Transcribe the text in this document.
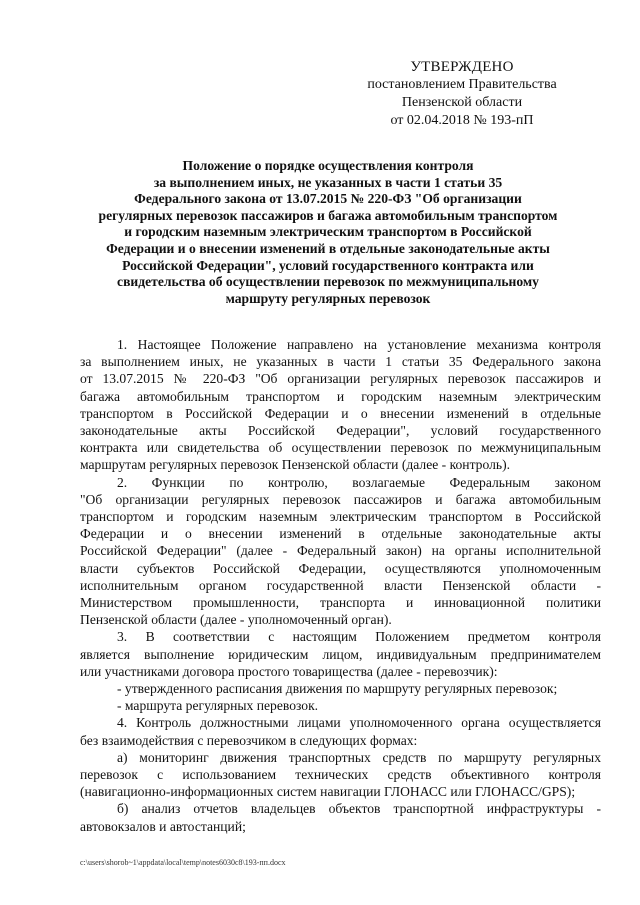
УТВЕРЖДЕНО
постановлением Правительства
Пензенской области
от 02.04.2018 № 193-пП
Положение о порядке осуществления контроля
за выполнением иных, не указанных в части 1 статьи 35
Федерального закона от 13.07.2015 № 220-ФЗ "Об организации
регулярных перевозок пассажиров и багажа автомобильным транспортом
и городским наземным электрическим транспортом в Российской
Федерации и о внесении изменений в отдельные законодательные акты
Российской Федерации", условий государственного контракта или
свидетельства об осуществлении перевозок по межмуниципальному
маршруту регулярных перевозок
1. Настоящее Положение направлено на установление механизма контроля
за выполнением иных, не указанных в части 1 статьи 35 Федерального закона
от 13.07.2015 № 220-ФЗ "Об организации регулярных перевозок пассажиров и
багажа автомобильным транспортом и городским наземным электрическим
транспортом в Российской Федерации и о внесении изменений в отдельные
законодательные акты Российской Федерации", условий государственного
контракта или свидетельства об осуществлении перевозок по межмуниципальным
маршрутам регулярных перевозок Пензенской области (далее - контроль).
2. Функции по контролю, возлагаемые Федеральным законом
"Об организации регулярных перевозок пассажиров и багажа автомобильным
транспортом и городским наземным электрическим транспортом в Российской
Федерации и о внесении изменений в отдельные законодательные акты
Российской Федерации" (далее - Федеральный закон) на органы исполнительной
власти субъектов Российской Федерации, осуществляются уполномоченным
исполнительным органом государственной власти Пензенской области -
Министерством промышленности, транспорта и инновационной политики
Пензенской области (далее - уполномоченный орган).
3. В соответствии с настоящим Положением предметом контроля
является выполнение юридическим лицом, индивидуальным предпринимателем
или участниками договора простого товарищества (далее - перевозчик):
- утвержденного расписания движения по маршруту регулярных перевозок;
- маршрута регулярных перевозок.
4. Контроль должностными лицами уполномоченного органа осуществляется
без взаимодействия с перевозчиком в следующих формах:
а) мониторинг движения транспортных средств по маршруту регулярных
перевозок с использованием технических средств объективного контроля
(навигационно-информационных систем навигации ГЛОНАСС или ГЛОНАСС/GPS);
б) анализ отчетов владельцев объектов транспортной инфраструктуры -
автовокзалов и автостанций;
c:\users\shorob~1\appdata\local\temp\notes6030c8\193-пп.docx
